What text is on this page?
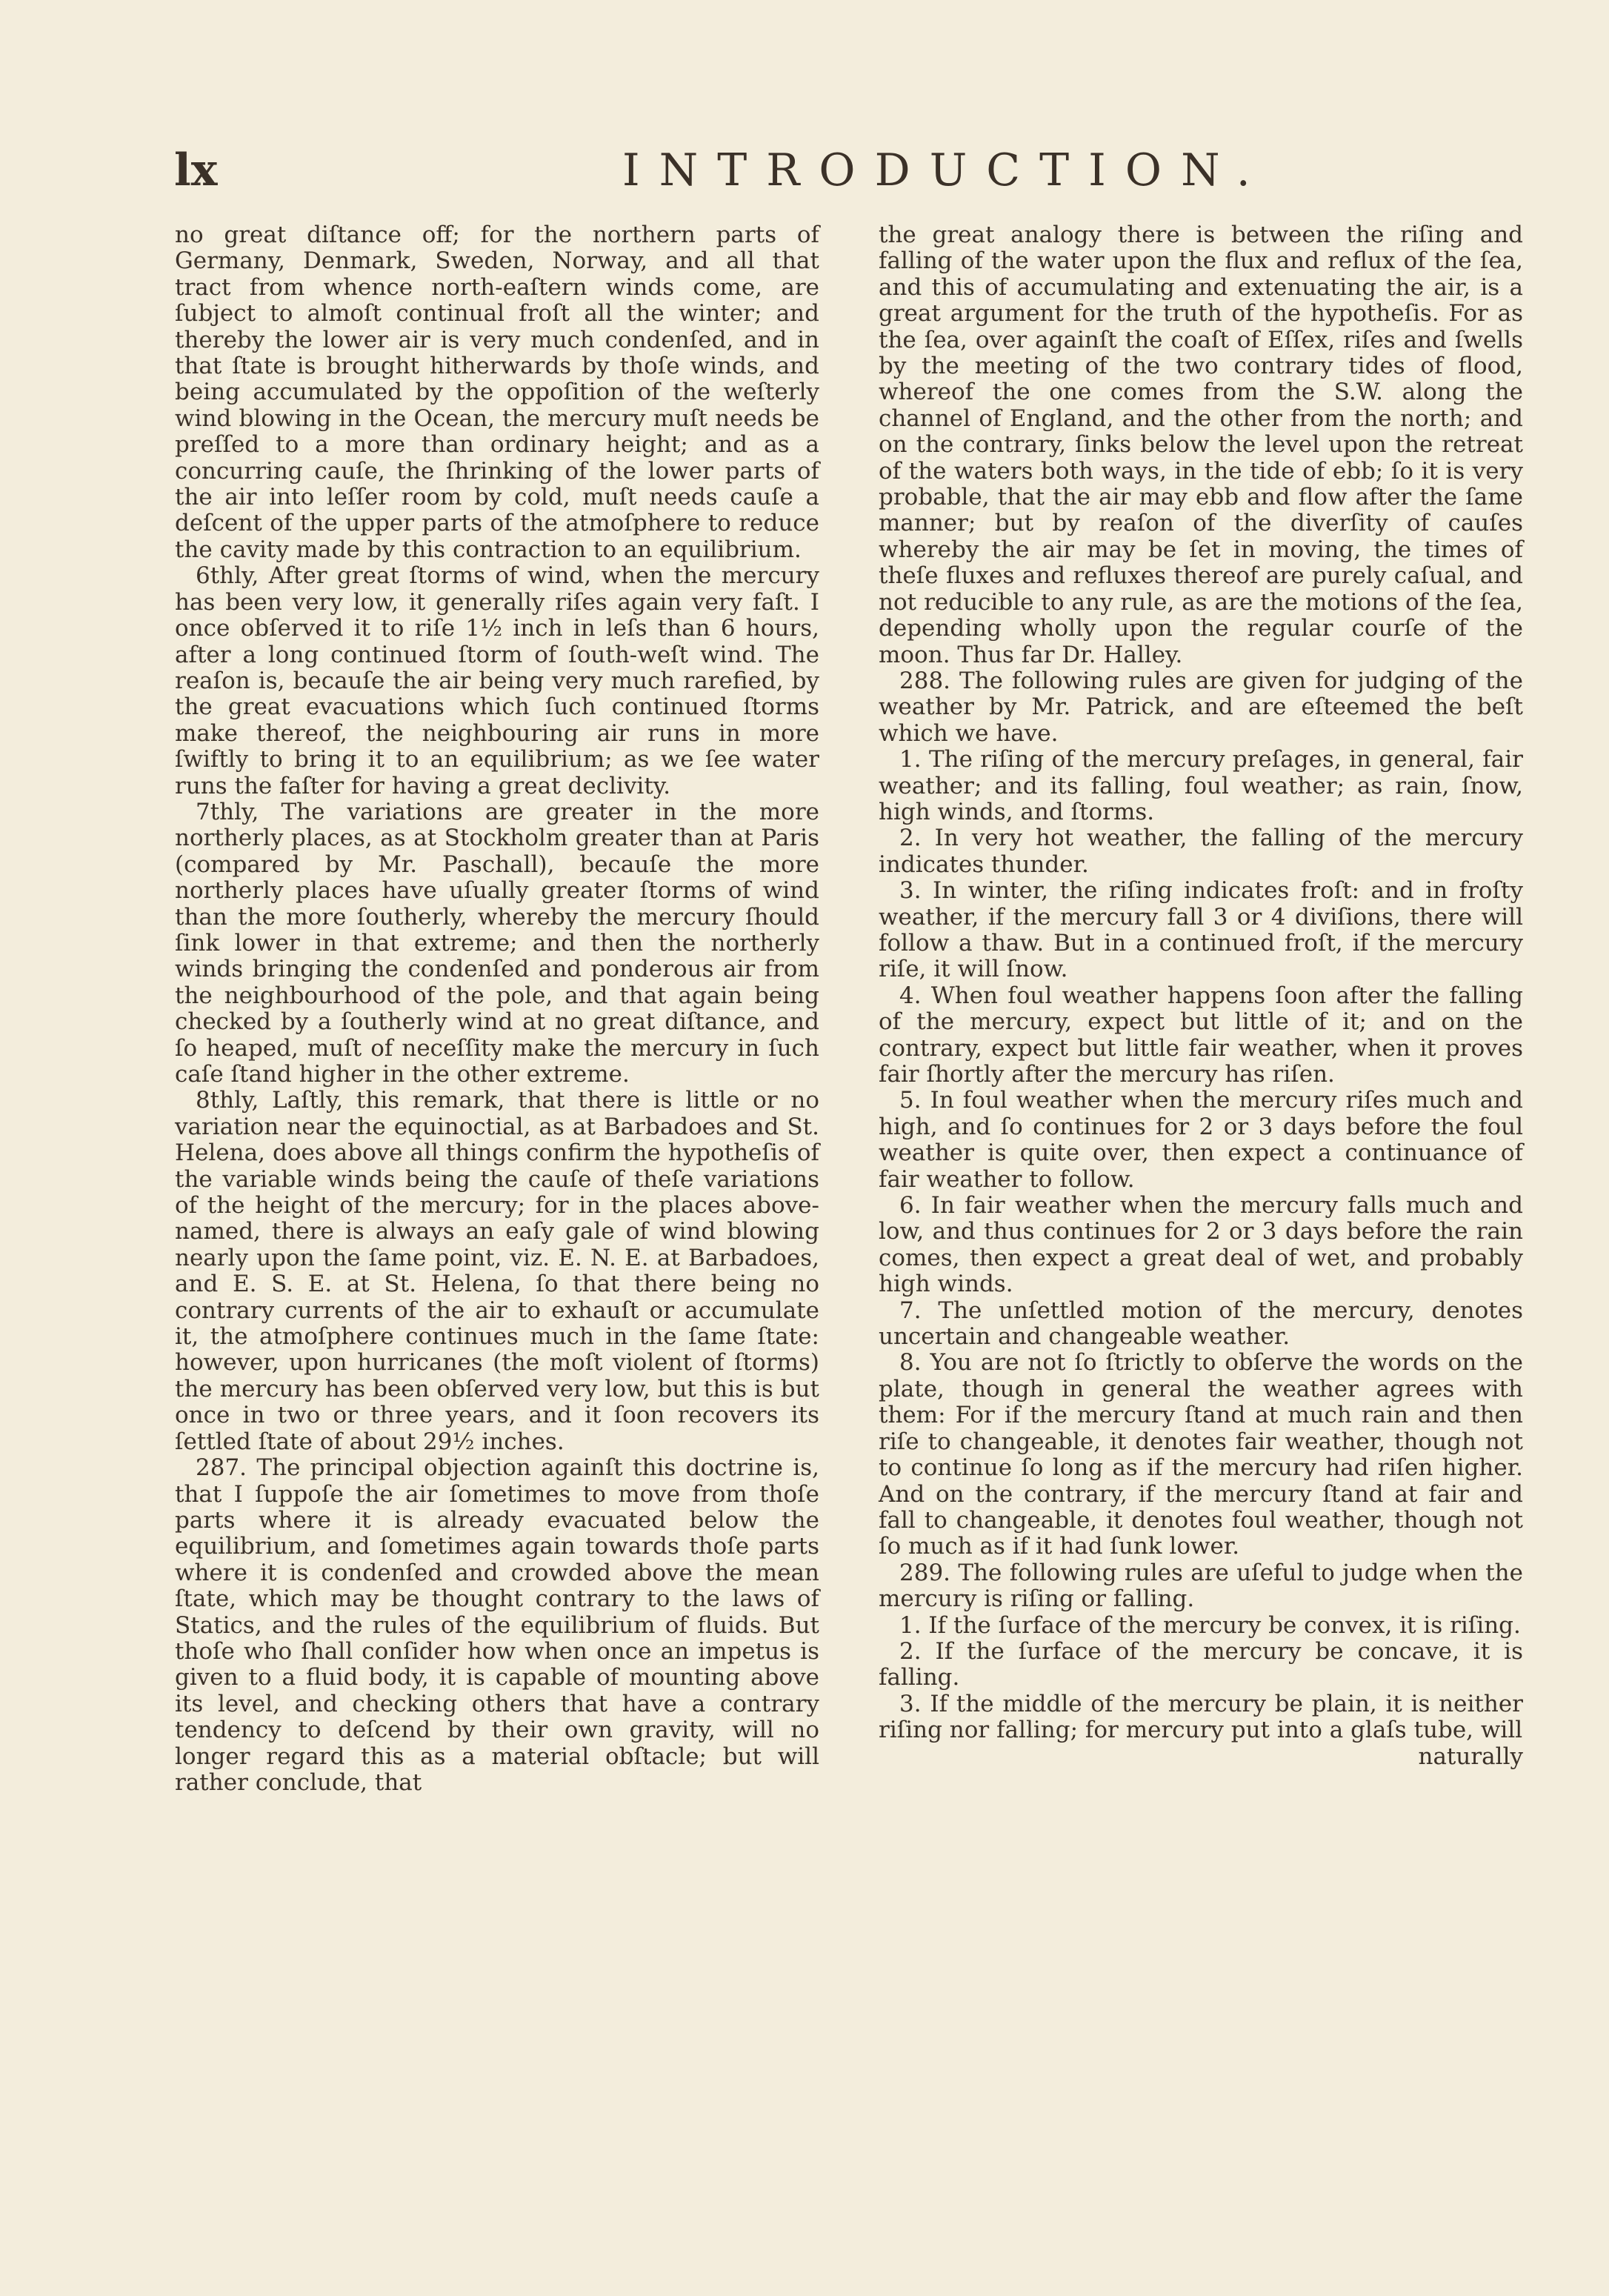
lx	INTRODUCTION.

no great diſtance off; for the northern parts of Germany, Denmark, Sweden, Norway, and all that tract from whence north-eaſtern winds come, are ſubject to almoſt continual froſt all the winter; and thereby the lower air is very much condenſed, and in that ſtate is brought hitherwards by thoſe winds, and being accumulated by the oppoſition of the weſterly wind blowing in the Ocean, the mercury muſt needs be preſſed to a more than ordinary height; and as a concurring cauſe, the ſhrinking of the lower parts of the air into leſſer room by cold, muſt needs cauſe a deſcent of the upper parts of the atmoſphere to reduce the cavity made by this contraction to an equilibrium.

6thly, After great ſtorms of wind, when the mercury has been very low, it generally riſes again very faſt. I once obſerved it to riſe 1½ inch in leſs than 6 hours, after a long continued ſtorm of ſouth-weſt wind. The reaſon is, becauſe the air being very much rarefied, by the great evacuations which ſuch continued ſtorms make thereof, the neighbouring air runs in more ſwiftly to bring it to an equilibrium; as we ſee water runs the faſter for having a great declivity.

7thly, The variations are greater in the more northerly places, as at Stockholm greater than at Paris (compared by Mr. Paschall), becauſe the more northerly places have uſually greater ſtorms of wind than the more ſoutherly, whereby the mercury ſhould ſink lower in that extreme; and then the northerly winds bringing the condenſed and ponderous air from the neighbourhood of the pole, and that again being checked by a ſoutherly wind at no great diſtance, and ſo heaped, muſt of neceſſity make the mercury in ſuch caſe ſtand higher in the other extreme.

8thly, Laſtly, this remark, that there is little or no variation near the equinoctial, as at Barbadoes and St. Helena, does above all things confirm the hypotheſis of the variable winds being the cauſe of theſe variations of the height of the mercury; for in the places above-named, there is always an eaſy gale of wind blowing nearly upon the ſame point, viz. E. N. E. at Barbadoes, and E. S. E. at St. Helena, ſo that there being no contrary currents of the air to exhauſt or accumulate it, the atmoſphere continues much in the ſame ſtate: however, upon hurricanes (the moſt violent of ſtorms) the mercury has been obſerved very low, but this is but once in two or three years, and it ſoon recovers its ſettled ſtate of about 29½ inches.

287. The principal objection againſt this doctrine is, that I ſuppoſe the air ſometimes to move from thoſe parts where it is already evacuated below the equilibrium, and ſometimes again towards thoſe parts where it is condenſed and crowded above the mean ſtate, which may be thought contrary to the laws of Statics, and the rules of the equilibrium of fluids. But thoſe who ſhall conſider how when once an impetus is given to a fluid body, it is capable of mounting above its level, and checking others that have a contrary tendency to deſcend by their own gravity, will no longer regard this as a material obſtacle; but will rather conclude, that

the great analogy there is between the riſing and falling of the water upon the flux and reflux of the ſea, and this of accumulating and extenuating the air, is a great argument for the truth of the hypotheſis. For as the ſea, over againſt the coaſt of Eſſex, riſes and ſwells by the meeting of the two contrary tides of flood, whereof the one comes from the S.W. along the channel of England, and the other from the north; and on the contrary, ſinks below the level upon the retreat of the waters both ways, in the tide of ebb; ſo it is very probable, that the air may ebb and flow after the ſame manner; but by reaſon of the diverſity of cauſes whereby the air may be ſet in moving, the times of theſe fluxes and refluxes thereof are purely caſual, and not reducible to any rule, as are the motions of the ſea, depending wholly upon the regular courſe of the moon. Thus far Dr. Halley.

288. The following rules are given for judging of the weather by Mr. Patrick, and are eſteemed the beſt which we have.

1. The riſing of the mercury preſages, in general, fair weather; and its falling, foul weather; as rain, ſnow, high winds, and ſtorms.

2. In very hot weather, the falling of the mercury indicates thunder.

3. In winter, the riſing indicates froſt: and in froſty weather, if the mercury fall 3 or 4 diviſions, there will follow a thaw. But in a continued froſt, if the mercury riſe, it will ſnow.

4. When foul weather happens ſoon after the falling of the mercury, expect but little of it; and on the contrary, expect but little fair weather, when it proves fair ſhortly after the mercury has riſen.

5. In foul weather when the mercury riſes much and high, and ſo continues for 2 or 3 days before the foul weather is quite over, then expect a continuance of fair weather to follow.

6. In fair weather when the mercury falls much and low, and thus continues for 2 or 3 days before the rain comes, then expect a great deal of wet, and probably high winds.

7. The unſettled motion of the mercury, denotes uncertain and changeable weather.

8. You are not ſo ſtrictly to obſerve the words on the plate, though in general the weather agrees with them: For if the mercury ſtand at much rain and then riſe to changeable, it denotes fair weather, though not to continue ſo long as if the mercury had riſen higher. And on the contrary, if the mercury ſtand at fair and fall to changeable, it denotes foul weather, though not ſo much as if it had ſunk lower.

289. The following rules are uſeful to judge when the mercury is riſing or falling.

1. If the ſurface of the mercury be convex, it is riſing.

2. If the ſurface of the mercury be concave, it is falling.

3. If the middle of the mercury be plain, it is neither riſing nor falling; for mercury put into a glaſs tube, will

naturally
